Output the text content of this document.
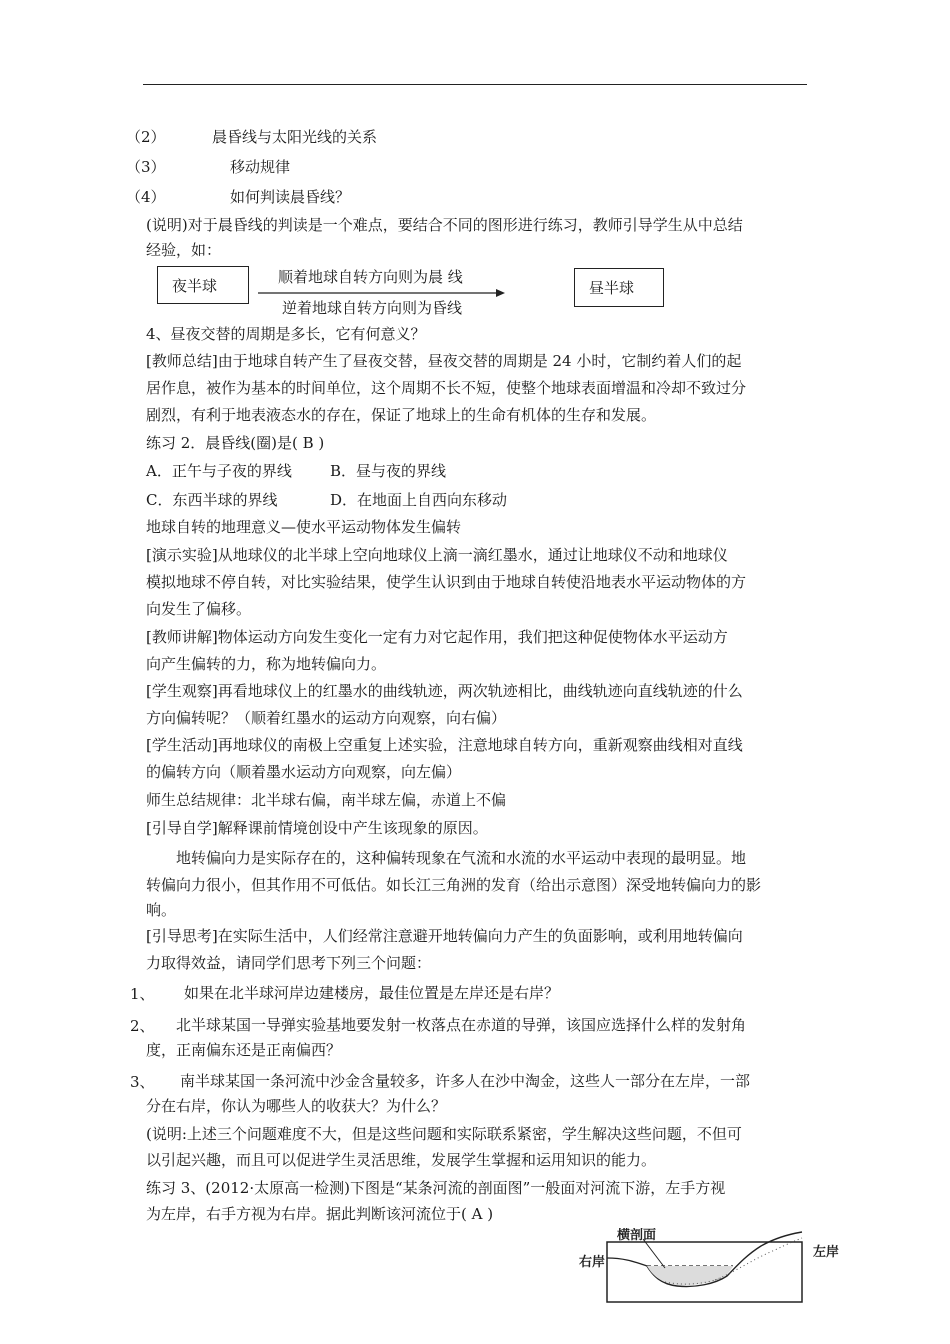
（2）	晨昏线与太阳光线的关系
（3）	移动规律
（4）	如何判读晨昏线？
(说明)对于晨昏线的判读是一个难点，要结合不同的图形进行练习，教师引导学生从中总结
经验，如：
夜半球	顺着地球自转方向则为晨 线
逆着地球自转方向则为昏线
昼半球
4、昼夜交替的周期是多长，它有何意义？
[教师总结]由于地球自转产生了昼夜交替，昼夜交替的周期是 24 小时，它制约着人们的起
居作息，被作为基本的时间单位，这个周期不长不短，使整个地球表面增温和冷却不致过分
剧烈，有利于地表液态水的存在，保证了地球上的生命有机体的生存和发展。
练习 2．晨昏线(圈)是( B )
A．正午与子夜的界线	B．昼与夜的界线
C．东西半球的界线	D．在地面上自西向东移动
地球自转的地理意义—使水平运动物体发生偏转
[演示实验]从地球仪的北半球上空向地球仪上滴一滴红墨水，通过让地球仪不动和地球仪
模拟地球不停自转，对比实验结果，使学生认识到由于地球自转使沿地表水平运动物体的方
向发生了偏移。
[教师讲解]物体运动方向发生变化一定有力对它起作用，我们把这种促使物体水平运动方
向产生偏转的力，称为地转偏向力。
[学生观察]再看地球仪上的红墨水的曲线轨迹，两次轨迹相比，曲线轨迹向直线轨迹的什么
方向偏转呢？（顺着红墨水的运动方向观察，向右偏）
[学生活动]再地球仪的南极上空重复上述实验，注意地球自转方向，重新观察曲线相对直线
的偏转方向（顺着墨水运动方向观察，向左偏）
师生总结规律：北半球右偏，南半球左偏，赤道上不偏
[引导自学]解释课前情境创设中产生该现象的原因。
　　地转偏向力是实际存在的，这种偏转现象在气流和水流的水平运动中表现的最明显。地
转偏向力很小，但其作用不可低估。如长江三角洲的发育（给出示意图）深受地转偏向力的影
响。
[引导思考]在实际生活中，人们经常注意避开地转偏向力产生的负面影响，或利用地转偏向
力取得效益，请同学们思考下列三个问题：
1、 如果在北半球河岸边建楼房，最佳位置是左岸还是右岸？
2、 北半球某国一导弹实验基地要发射一枚落点在赤道的导弹，该国应选择什么样的发射角
度，正南偏东还是正南偏西？
3、 南半球某国一条河流中沙金含量较多，许多人在沙中淘金，这些人一部分在左岸，一部
分在右岸，你认为哪些人的收获大？为什么？
(说明:上述三个问题难度不大，但是这些问题和实际联系紧密，学生解决这些问题，不但可
以引起兴趣，而且可以促进学生灵活思维，发展学生掌握和运用知识的能力。
练习 3、(2012·太原高一检测)下图是“某条河流的剖面图”一般面对河流下游，左手方视
为左岸，右手方视为右岸。据此判断该河流位于( A )
横剖面
右岸
左岸
